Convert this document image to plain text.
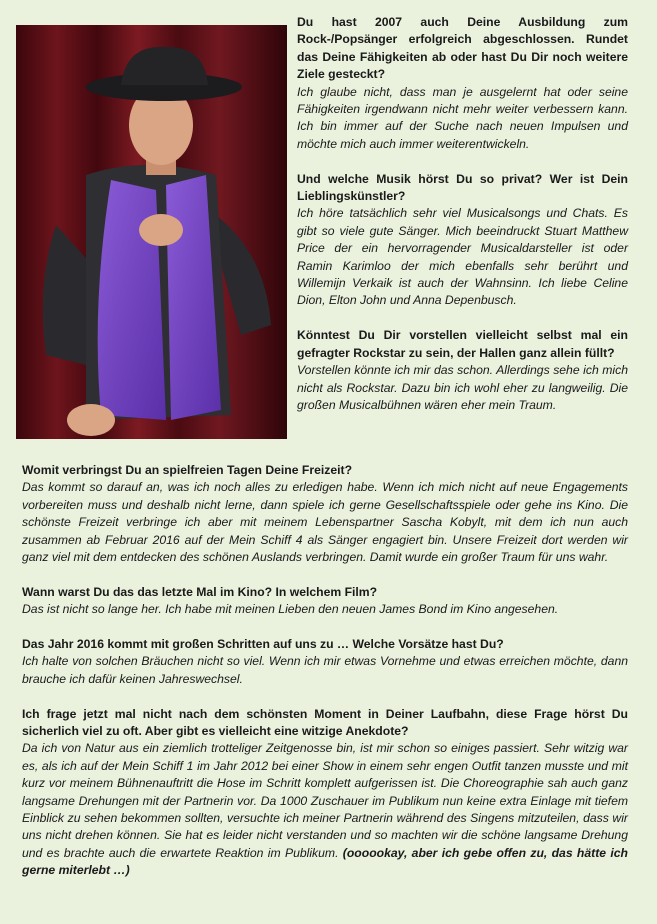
Du hast 2007 auch Deine Ausbildung zum Rock-/Popsänger erfolgreich abgeschlossen. Rundet das Deine Fähigkeiten ab oder hast Du Dir noch weitere Ziele gesteckt?

Ich glaube nicht, dass man je ausgelernt hat oder seine Fähigkeiten irgendwann nicht mehr weiter verbessern kann. Ich bin immer auf der Suche nach neuen Impulsen und möchte mich auch immer weiterentwickeln.

Und welche Musik hörst Du so privat? Wer ist Dein Lieblingskünstler?

Ich höre tatsächlich sehr viel Musicalsongs und Chats. Es gibt so viele gute Sänger. Mich beeindruckt Stuart Matthew Price der ein hervorragender Musicaldarsteller ist oder Ramin Karimloo der mich ebenfalls sehr berührt und Willemijn Verkaik ist auch der Wahnsinn. Ich liebe Celine Dion, Elton John und Anna Depenbusch.

Könntest Du Dir vorstellen vielleicht selbst mal ein gefragter Rockstar zu sein, der Hallen ganz allein füllt?

Vorstellen könnte ich mir das schon. Allerdings sehe ich mich nicht als Rockstar. Dazu bin ich wohl eher zu langweilig. Die großen Musicalbühnen wären eher mein Traum.

Womit verbringst Du an spielfreien Tagen Deine Freizeit?

Das kommt so darauf an, was ich noch alles zu erledigen habe. Wenn ich mich nicht auf neue Engagements vorbereiten muss und deshalb nicht lerne, dann spiele ich gerne Gesellschaftsspiele oder gehe ins Kino. Die schönste Freizeit verbringe ich aber mit meinem Lebenspartner Sascha Kobylt, mit dem ich nun auch zusammen ab Februar 2016 auf der Mein Schiff 4 als Sänger engagiert bin. Unsere Freizeit dort werden wir ganz viel mit dem entdecken des schönen Auslands verbringen. Damit wurde ein großer Traum für uns wahr.

Wann warst Du das das letzte Mal im Kino? In welchem Film?

Das ist nicht so lange her. Ich habe mit meinen Lieben den neuen James Bond im Kino angesehen.

Das Jahr 2016 kommt mit großen Schritten auf uns zu … Welche Vorsätze hast Du?

Ich halte von solchen Bräuchen nicht so viel. Wenn ich mir etwas Vornehme und etwas erreichen möchte, dann brauche ich dafür keinen Jahreswechsel.

Ich frage jetzt mal nicht nach dem schönsten Moment in Deiner Laufbahn, diese Frage hörst Du sicherlich viel zu oft. Aber gibt es vielleicht eine witzige Anekdote?

Da ich von Natur aus ein ziemlich trotteliger Zeitgenosse bin, ist mir schon so einiges passiert. Sehr witzig war es, als ich auf der Mein Schiff 1 im Jahr 2012 bei einer Show in einem sehr engen Outfit tanzen musste und mit kurz vor meinem Bühnenauftritt die Hose im Schritt komplett aufgerissen ist. Die Choreographie sah auch ganz langsame Drehungen mit der Partnerin vor. Da 1000 Zuschauer im Publikum nun keine extra Einlage mit tiefem Einblick zu sehen bekommen sollten, versuchte ich meiner Partnerin während des Singens mitzuteilen, dass wir uns nicht drehen können. Sie hat es leider nicht verstanden und so machten wir die schöne langsame Drehung und es brachte auch die erwartete Reaktion im Publikum. (oooookay, aber ich gebe offen zu, das hätte ich gerne miterlebt …)
